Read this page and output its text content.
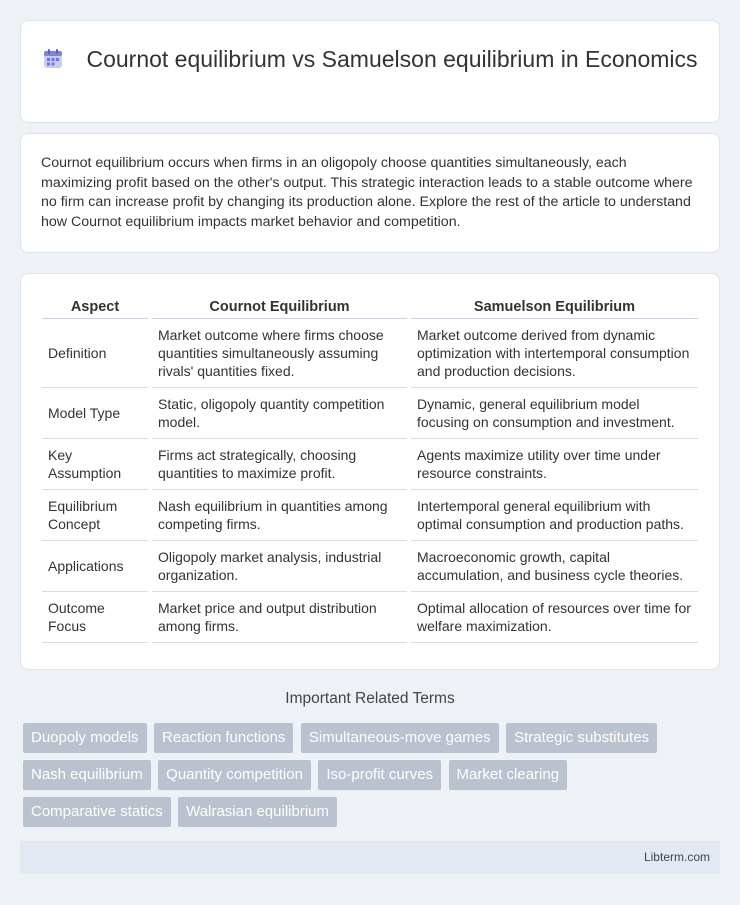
Cournot equilibrium vs Samuelson equilibrium in Economics

Cournot equilibrium occurs when firms in an oligopoly choose quantities simultaneously, each maximizing profit based on the other's output. This strategic interaction leads to a stable outcome where no firm can increase profit by changing its production alone. Explore the rest of the article to understand how Cournot equilibrium impacts market behavior and competition.

Aspect		Cournot Equilibrium		Samuelson Equilibrium
Definition		Market outcome where firms choose quantities simultaneously assuming rivals' quantities fixed.		Market outcome derived from dynamic optimization with intertemporal consumption and production decisions.
Model Type		Static, oligopoly quantity competition model.		Dynamic, general equilibrium model focusing on consumption and investment.
Key Assumption		Firms act strategically, choosing quantities to maximize profit.		Agents maximize utility over time under resource constraints.
Equilibrium Concept		Nash equilibrium in quantities among competing firms.		Intertemporal general equilibrium with optimal consumption and production paths.
Applications		Oligopoly market analysis, industrial organization.		Macroeconomic growth, capital accumulation, and business cycle theories.
Outcome Focus		Market price and output distribution among firms.		Optimal allocation of resources over time for welfare maximization.
Important Related Terms
Duopoly models Reaction functions Simultaneous-move games Strategic substitutes Nash equilibrium Quantity competition Iso-profit curves Market clearing Comparative statics Walrasian equilibrium
Libterm.com
